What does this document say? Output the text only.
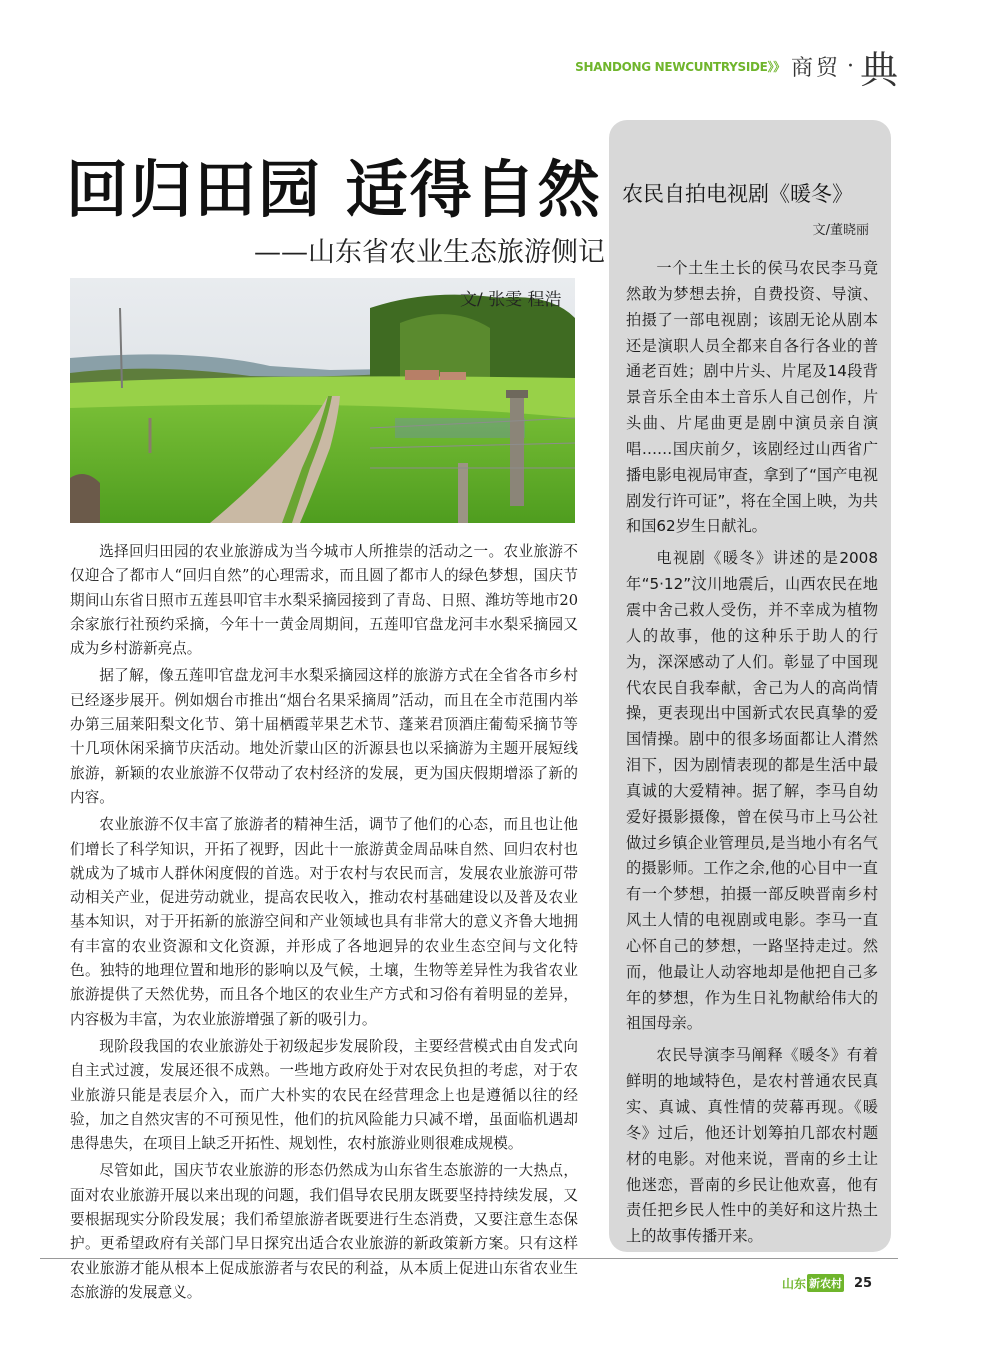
SHANDONG NEWCUNTRYSIDE》》 商贸 · 典
回归田园 适得自然
——山东省农业生态旅游侧记
文/ 张雯 程浩

选择回归田园的农业旅游成为当今城市人所推崇的活动之一。农业旅游不仅迎合了都市人“回归自然”的心理需求，而且圆了都市人的绿色梦想，国庆节期间山东省日照市五莲县叩官丰水梨采摘园接到了青岛、日照、潍坊等地市20余家旅行社预约采摘，今年十一黄金周期间，五莲叩官盘龙河丰水梨采摘园又成为乡村游新亮点。

据了解，像五莲叩官盘龙河丰水梨采摘园这样的旅游方式在全省各市乡村已经逐步展开。例如烟台市推出“烟台名果采摘周”活动，而且在全市范围内举办第三届莱阳梨文化节、第十届栖霞苹果艺术节、蓬莱君顶酒庄葡萄采摘节等十几项休闲采摘节庆活动。地处沂蒙山区的沂源县也以采摘游为主题开展短线旅游，新颖的农业旅游不仅带动了农村经济的发展，更为国庆假期增添了新的内容。

农业旅游不仅丰富了旅游者的精神生活，调节了他们的心态，而且也让他们增长了科学知识，开拓了视野，因此十一旅游黄金周品味自然、回归农村也就成为了城市人群休闲度假的首选。对于农村与农民而言，发展农业旅游可带动相关产业，促进劳动就业，提高农民收入，推动农村基础建设以及普及农业基本知识，对于开拓新的旅游空间和产业领域也具有非常大的意义齐鲁大地拥有丰富的农业资源和文化资源，并形成了各地迥异的农业生态空间与文化特色。独特的地理位置和地形的影响以及气候，土壤，生物等差异性为我省农业旅游提供了天然优势，而且各个地区的农业生产方式和习俗有着明显的差异，内容极为丰富，为农业旅游增强了新的吸引力。

现阶段我国的农业旅游处于初级起步发展阶段，主要经营模式由自发式向自主式过渡，发展还很不成熟。一些地方政府处于对农民负担的考虑，对于农业旅游只能是表层介入，而广大朴实的农民在经营理念上也是遵循以往的经验，加之自然灾害的不可预见性，他们的抗风险能力只减不增，虽面临机遇却患得患失，在项目上缺乏开拓性、规划性，农村旅游业则很难成规模。

尽管如此，国庆节农业旅游的形态仍然成为山东省生态旅游的一大热点，面对农业旅游开展以来出现的问题，我们倡导农民朋友既要坚持持续发展，又要根据现实分阶段发展；我们希望旅游者既要进行生态消费，又要注意生态保护。更希望政府有关部门早日探究出适合农业旅游的新政策新方案。只有这样农业旅游才能从根本上促成旅游者与农民的利益，从本质上促进山东省农业生态旅游的发展意义。

农民自拍电视剧《暖冬》
文/董晓丽

一个土生土长的侯马农民李马竟然敢为梦想去拚，自费投资、导演、拍摄了一部电视剧；该剧无论从剧本还是演职人员全都来自各行各业的普通老百姓；剧中片头、片尾及14段背景音乐全由本土音乐人自己创作，片头曲、片尾曲更是剧中演员亲自演唱……国庆前夕，该剧经过山西省广播电影电视局审查，拿到了“国产电视剧发行许可证”，将在全国上映，为共和国62岁生日献礼。

电视剧《暖冬》讲述的是2008年“5·12”汶川地震后，山西农民在地震中舍己救人受伤，并不幸成为植物人的故事，他的这种乐于助人的行为，深深感动了人们。彰显了中国现代农民自我奉献，舍己为人的高尚情操，更表现出中国新式农民真挚的爱国情操。剧中的很多场面都让人潸然泪下，因为剧情表现的都是生活中最真诚的大爱精神。据了解，李马自幼爱好摄影摄像，曾在侯马市上马公社做过乡镇企业管理员,是当地小有名气的摄影师。工作之余,他的心目中一直有一个梦想，拍摄一部反映晋南乡村风土人情的电视剧或电影。李马一直心怀自己的梦想，一路坚持走过。然而，他最让人动容地却是他把自己多年的梦想，作为生日礼物献给伟大的祖国母亲。

农民导演李马阐释《暖冬》有着鲜明的地域特色，是农村普通农民真实、真诚、真性情的荧幕再现。《暖冬》过后，他还计划筹拍几部农村题材的电影。对他来说，晋南的乡土让他迷恋，晋南的乡民让他欢喜，他有责任把乡民人性中的美好和这片热土上的故事传播开来。

山东 新农村 25
